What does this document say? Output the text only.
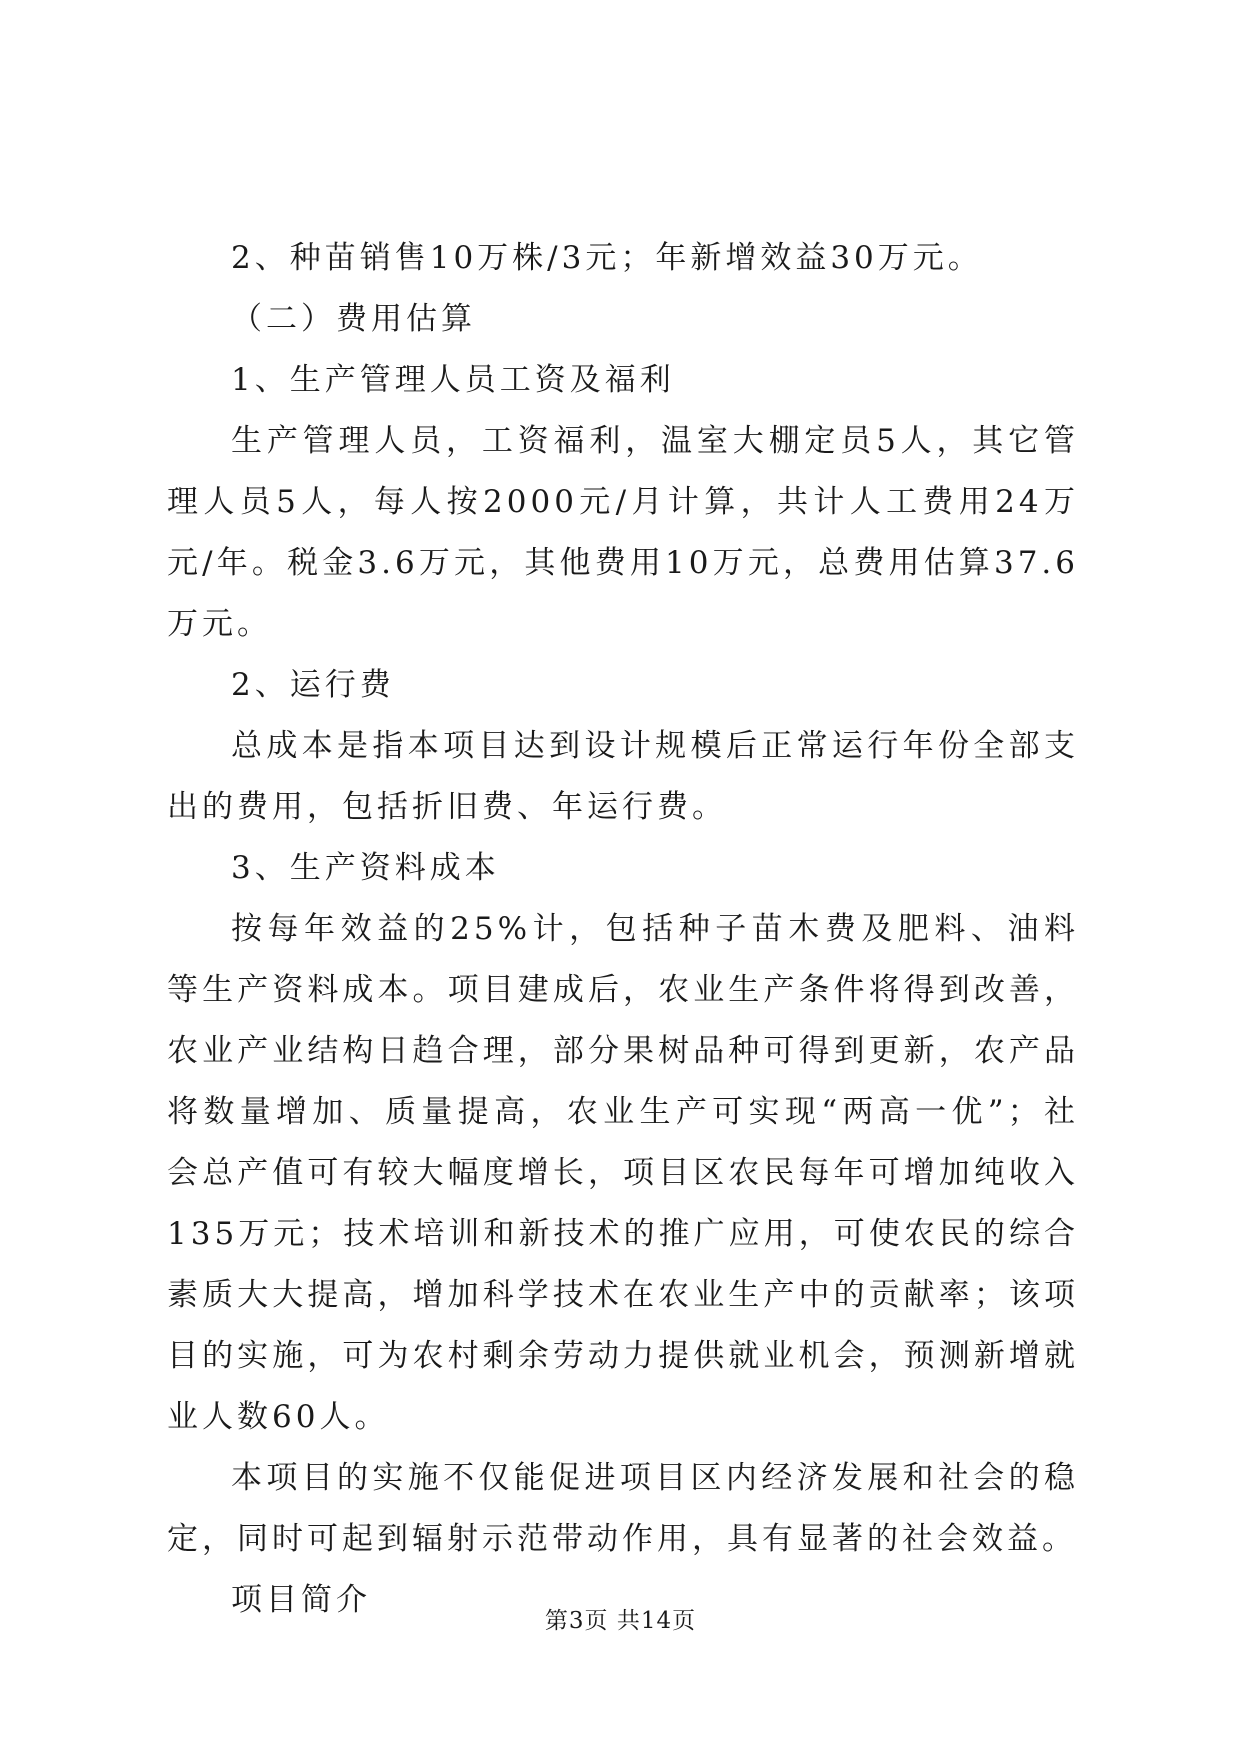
2、种苗销售10万株/3元；年新增效益30万元。

（二）费用估算

1、生产管理人员工资及福利

生产管理人员，工资福利，温室大棚定员5人，其它管理人员5人，每人按2000元/月计算，共计人工费用24万元/年。税金3.6万元，其他费用10万元，总费用估算37.6万元。

2、运行费

总成本是指本项目达到设计规模后正常运行年份全部支出的费用，包括折旧费、年运行费。

3、生产资料成本

按每年效益的25%计，包括种子苗木费及肥料、油料等生产资料成本。项目建成后，农业生产条件将得到改善，农业产业结构日趋合理，部分果树品种可得到更新，农产品将数量增加、质量提高，农业生产可实现“两高一优”；社会总产值可有较大幅度增长，项目区农民每年可增加纯收入135万元；技术培训和新技术的推广应用，可使农民的综合素质大大提高，增加科学技术在农业生产中的贡献率；该项目的实施，可为农村剩余劳动力提供就业机会，预测新增就业人数60人。

本项目的实施不仅能促进项目区内经济发展和社会的稳定，同时可起到辐射示范带动作用，具有显著的社会效益。

项目简介

第3页 共14页
